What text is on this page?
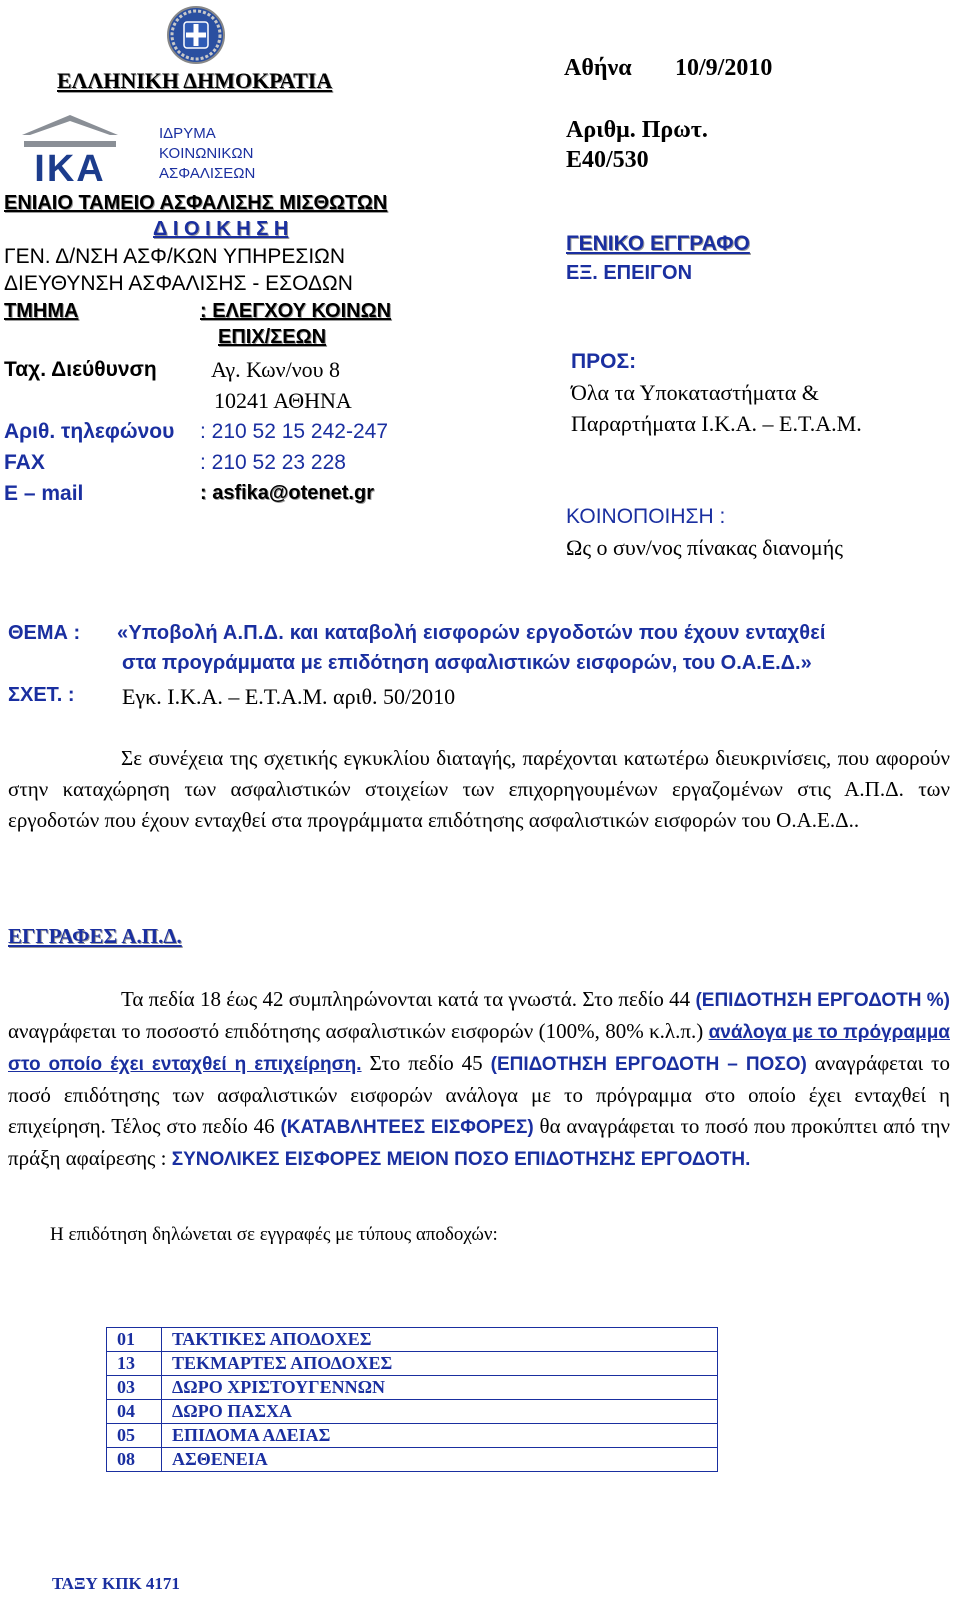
ΕΛΛΗΝΙΚΗ ΔΗΜΟΚΡΑΤΙΑ
ΙΚΑ
ΙΔΡΥΜΑ
ΚΟΙΝΩΝΙΚΩΝ
ΑΣΦΑΛΙΣΕΩΝ
ΕΝΙΑΙΟ ΤΑΜΕΙΟ ΑΣΦΑΛΙΣΗΣ ΜΙΣΘΩΤΩΝ
Δ Ι Ο Ι Κ Η Σ Η
ΓΕΝ. Δ/ΝΣΗ ΑΣΦ/ΚΩΝ ΥΠΗΡΕΣΙΩΝ
ΔΙΕΥΘΥΝΣΗ ΑΣΦΑΛΙΣΗΣ - ΕΣΟΔΩΝ
ΤΜΗΜΑ	: ΕΛΕΓΧΟΥ ΚΟΙΝΩΝ
ΕΠΙΧ/ΣΕΩΝ
Ταχ. Διεύθυνση Αγ. Κων/νου 8
10241 ΑΘΗΝΑ
Αριθ. τηλεφώνου : 210 52 15 242-247
FAX	: 210 52 23 228
E – mail	: asfika@otenet.gr
Αθήνα 10/9/2010
Αριθμ. Πρωτ.
Ε40/530
ΓΕΝΙΚΟ ΕΓΓΡΑΦΟ
ΕΞ. ΕΠΕΙΓΟΝ
ΠΡΟΣ:
Όλα τα Υποκαταστήματα &
Παραρτήματα Ι.Κ.Α. – Ε.Τ.Α.Μ.
ΚΟΙΝΟΠΟΙΗΣΗ :
Ως ο συν/νος πίνακας διανομής
ΘΕΜΑ : «Υποβολή Α.Π.Δ. και καταβολή εισφορών εργοδοτών που έχουν ενταχθεί
στα προγράμματα με επιδότηση ασφαλιστικών εισφορών, του Ο.Α.Ε.Δ.»
ΣΧΕΤ. : Εγκ. Ι.Κ.Α. – Ε.Τ.Α.Μ. αριθ. 50/2010

Σε συνέχεια της σχετικής εγκυκλίου διαταγής, παρέχονται κατωτέρω διευκρινίσεις, που αφορούν στην καταχώρηση των ασφαλιστικών στοιχείων των επιχορηγουμένων εργαζομένων στις Α.Π.Δ. των εργοδοτών που έχουν ενταχθεί στα προγράμματα επιδότησης ασφαλιστικών εισφορών του Ο.Α.Ε.Δ..

ΕΓΓΡΑΦΕΣ Α.Π.Δ.

Τα πεδία 18 έως 42 συμπληρώνονται κατά τα γνωστά. Στο πεδίο 44 (ΕΠΙΔΟΤΗΣΗ ΕΡΓΟΔΟΤΗ %) αναγράφεται το ποσοστό επιδότησης ασφαλιστικών εισφορών (100%, 80% κ.λ.π.) ανάλογα με το πρόγραμμα στο οποίο έχει ενταχθεί η επιχείρηση. Στο πεδίο 45 (ΕΠΙΔΟΤΗΣΗ ΕΡΓΟΔΟΤΗ – ΠΟΣΟ) αναγράφεται το ποσό επιδότησης των ασφαλιστικών εισφορών ανάλογα με το πρόγραμμα στο οποίο έχει ενταχθεί η επιχείρηση. Τέλος στο πεδίο 46 (ΚΑΤΑΒΛΗΤΕΕΣ ΕΙΣΦΟΡΕΣ) θα αναγράφεται το ποσό που προκύπτει από την πράξη αφαίρεσης : ΣΥΝΟΛΙΚΕΣ ΕΙΣΦΟΡΕΣ ΜΕΙΟΝ ΠΟΣΟ ΕΠΙΔΟΤΗΣΗΣ ΕΡΓΟΔΟΤΗ.

Η επιδότηση δηλώνεται σε εγγραφές με τύπους αποδοχών:
01	ΤΑΚΤΙΚΕΣ ΑΠΟΔΟΧΕΣ
13	ΤΕΚΜΑΡΤΕΣ ΑΠΟΔΟΧΕΣ
03	ΔΩΡΟ ΧΡΙΣΤΟΥΓΕΝΝΩΝ
04	ΔΩΡΟ ΠΑΣΧΑ
05	ΕΠΙΔΟΜΑ ΑΔΕΙΑΣ
08	ΑΣΘΕΝΕΙΑ
ΤΑΞΥ ΚΠΚ 4171
